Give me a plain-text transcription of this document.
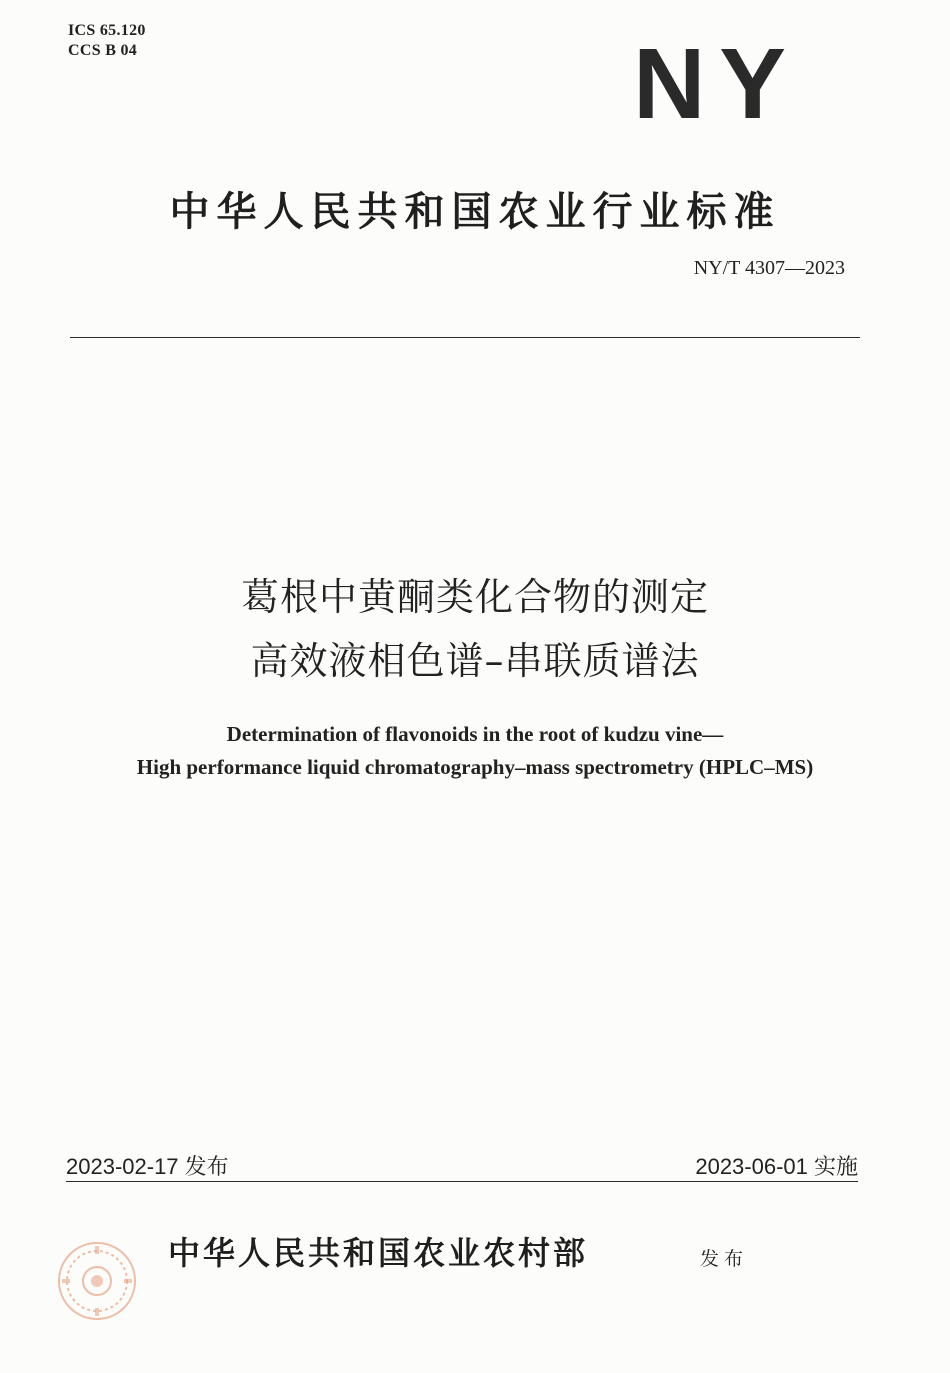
ICS 65.120
CCS B 04	NY
中华人民共和国农业行业标准
NY/T 4307—2023
葛根中黄酮类化合物的测定
高效液相色谱–串联质谱法
Determination of flavonoids in the root of kudzu vine—
High performance liquid chromatography–mass spectrometry (HPLC–MS)
2023-02-17 发布	2023-06-01 实施
中华人民共和国农业农村部	发布
